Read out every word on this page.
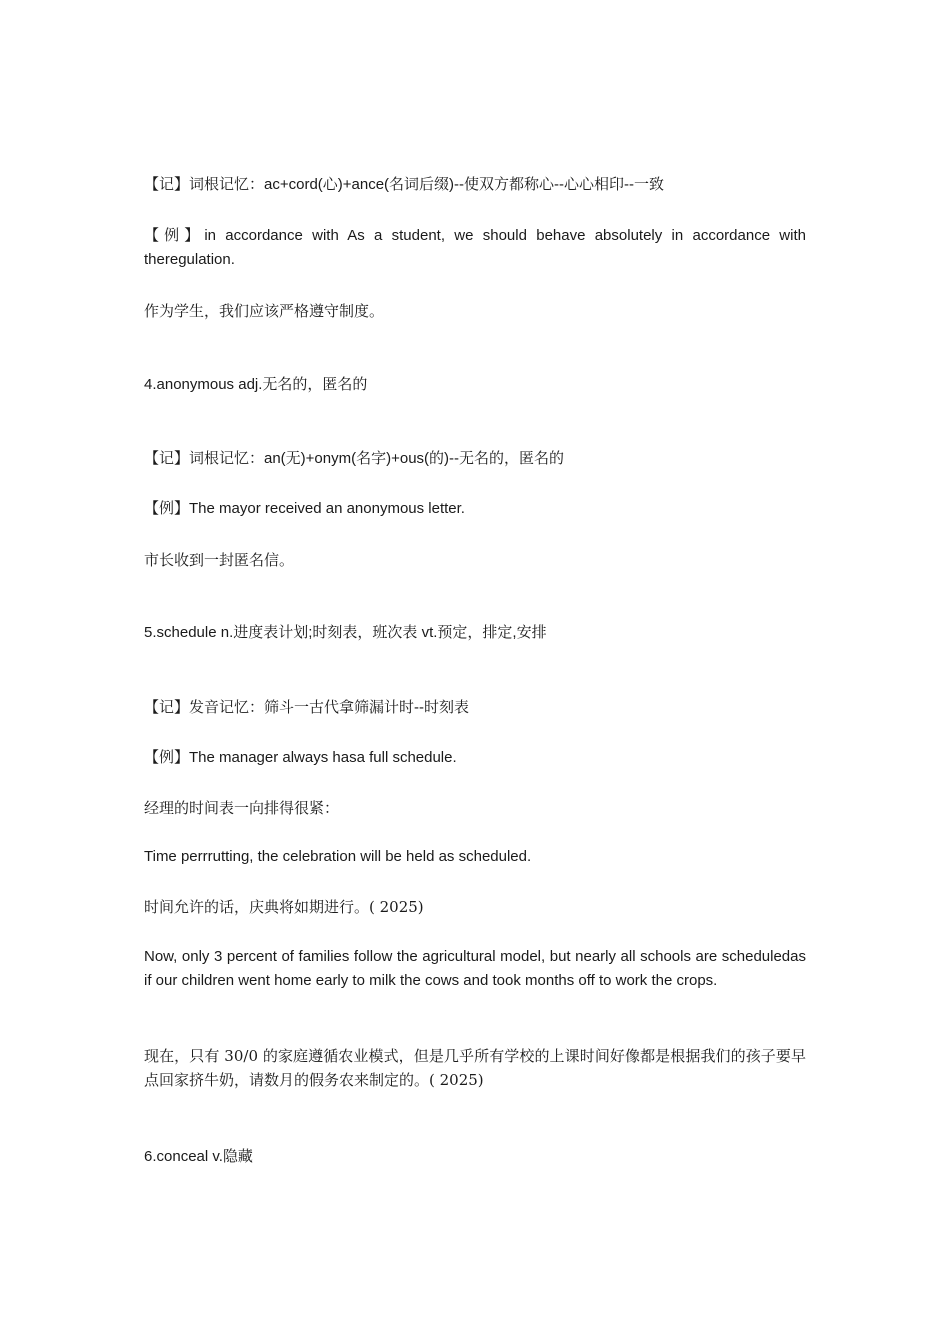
【记】词根记忆：ac+cord(心)+ance(名词后缀)--使双方都称心--心心相印--一致

【例】in accordance with As a student, we should behave absolutely in accordance with theregulation.

作为学生，我们应该严格遵守制度。

4.anonymous adj.无名的，匿名的

【记】词根记忆：an(无)+onym(名字)+ous(的)--无名的，匿名的

【例】The mayor received an anonymous letter.

市长收到一封匿名信。

5.schedule n.进度表计划;时刻表，班次表 vt.预定，排定,安排

【记】发音记忆：筛斗一古代拿筛漏计时--时刻表

【例】The manager always hasa full schedule.

经理的时间表一向排得很紧：

Time perrrutting, the celebration will be held as scheduled.

时间允许的话，庆典将如期进行。( 2025)

Now, only 3 percent of families follow the agricultural model, but nearly all schools are scheduledas if our children went home early to milk the cows and took months off to work the crops.

现在，只有 30/0 的家庭遵循农业模式，但是几乎所有学校的上课时间好像都是根据我们的孩子要早点回家挤牛奶，请数月的假务农来制定的。( 2025)

6.conceal v.隐藏
